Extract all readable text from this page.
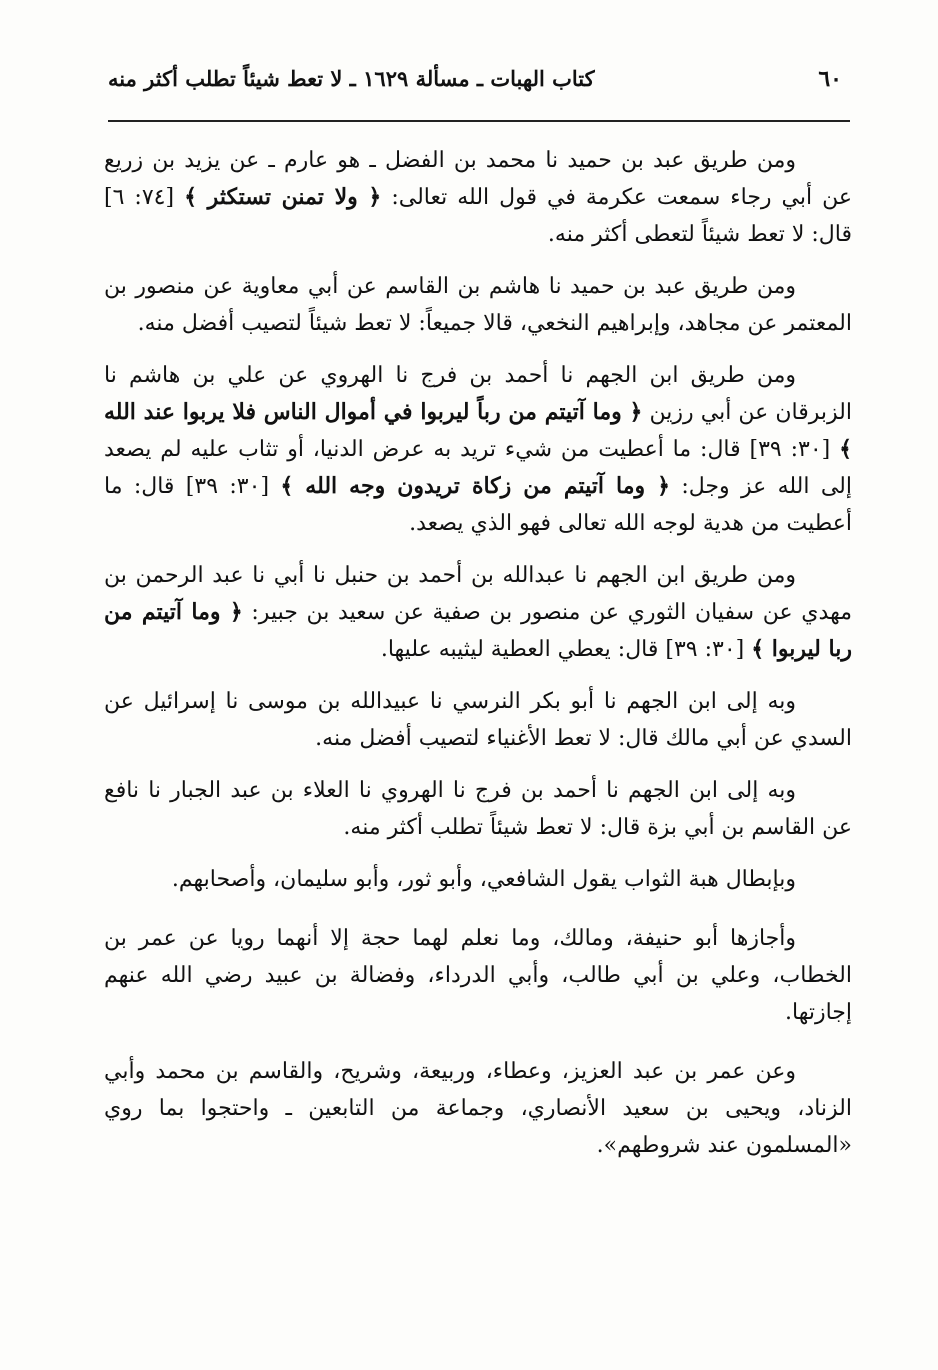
٦٠
كتاب الهبات ـ مسألة ١٦٢٩ ـ لا تعط شيئاً تطلب أكثر منه

ومن طريق عبد بن حميد نا محمد بن الفضل ـ هو عارم ـ عن يزيد بن زريع عن أبي رجاء سمعت عكرمة في قول الله تعالى: ﴿ ولا تمنن تستكثر ﴾ [٧٤: ٦] قال: لا تعط شيئاً لتعطى أكثر منه.

ومن طريق عبد بن حميد نا هاشم بن القاسم عن أبي معاوية عن منصور بن المعتمر عن مجاهد، وإبراهيم النخعي، قالا جميعاً: لا تعط شيئاً لتصيب أفضل منه.

ومن طريق ابن الجهم نا أحمد بن فرج نا الهروي عن علي بن هاشم نا الزبرقان عن أبي رزين ﴿ وما آتيتم من رباً ليربوا في أموال الناس فلا يربوا عند الله ﴾ [٣٠: ٣٩] قال: ما أعطيت من شيء تريد به عرض الدنيا، أو تثاب عليه لم يصعد إلى الله عز وجل: ﴿ وما آتيتم من زكاة تريدون وجه الله ﴾ [٣٠: ٣٩] قال: ما أعطيت من هدية لوجه الله تعالى فهو الذي يصعد.

ومن طريق ابن الجهم نا عبدالله بن أحمد بن حنبل نا أبي نا عبد الرحمن بن مهدي عن سفيان الثوري عن منصور بن صفية عن سعيد بن جبير: ﴿ وما آتيتم من ربا ليربوا ﴾ [٣٠: ٣٩] قال: يعطي العطية ليثيبه عليها.

وبه إلى ابن الجهم نا أبو بكر النرسي نا عبيدالله بن موسى نا إسرائيل عن السدي عن أبي مالك قال: لا تعط الأغنياء لتصيب أفضل منه.

وبه إلى ابن الجهم نا أحمد بن فرج نا الهروي نا العلاء بن عبد الجبار نا نافع عن القاسم بن أبي بزة قال: لا تعط شيئاً تطلب أكثر منه.

وبإبطال هبة الثواب يقول الشافعي، وأبو ثور، وأبو سليمان، وأصحابهم.

وأجازها أبو حنيفة، ومالك، وما نعلم لهما حجة إلا أنهما رويا عن عمر بن الخطاب، وعلي بن أبي طالب، وأبي الدرداء، وفضالة بن عبيد رضي الله عنهم إجازتها.

وعن عمر بن عبد العزيز، وعطاء، وربيعة، وشريح، والقاسم بن محمد وأبي الزناد، ويحيى بن سعيد الأنصاري، وجماعة من التابعين ـ واحتجوا بما روي «المسلمون عند شروطهم».
